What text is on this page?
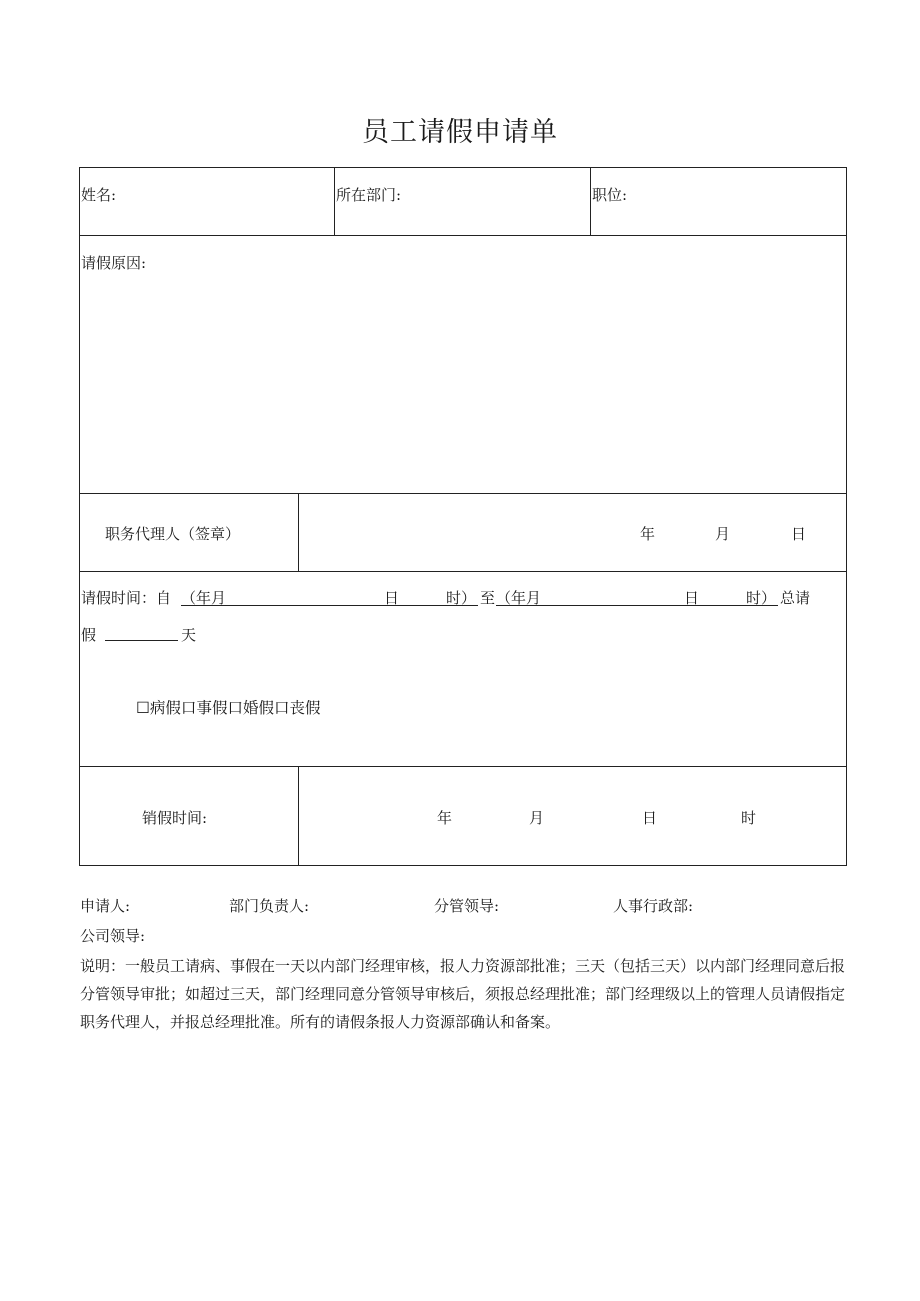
员工请假申请单
姓名:	所在部门:	职位:
请假原因:
职务代理人（签章）	年	月	日
请假时间：自 （年月	日	时） 至 （年月	日	时） 总请
假	天
☐病假口事假口婚假口丧假
销假时间:	年	月	日	时
申请人:	部门负责人:	分管领导:	人事行政部:
公司领导:
说明：一般员工请病、事假在一天以内部门经理审核，报人力资源部批准；三天（包括三天）以内部门经理同意后报分管领导审批；如超过三天，部门经理同意分管领导审核后，须报总经理批准；部门经理级以上的管理人员请假指定职务代理人，并报总经理批准。所有的请假条报人力资源部确认和备案。
